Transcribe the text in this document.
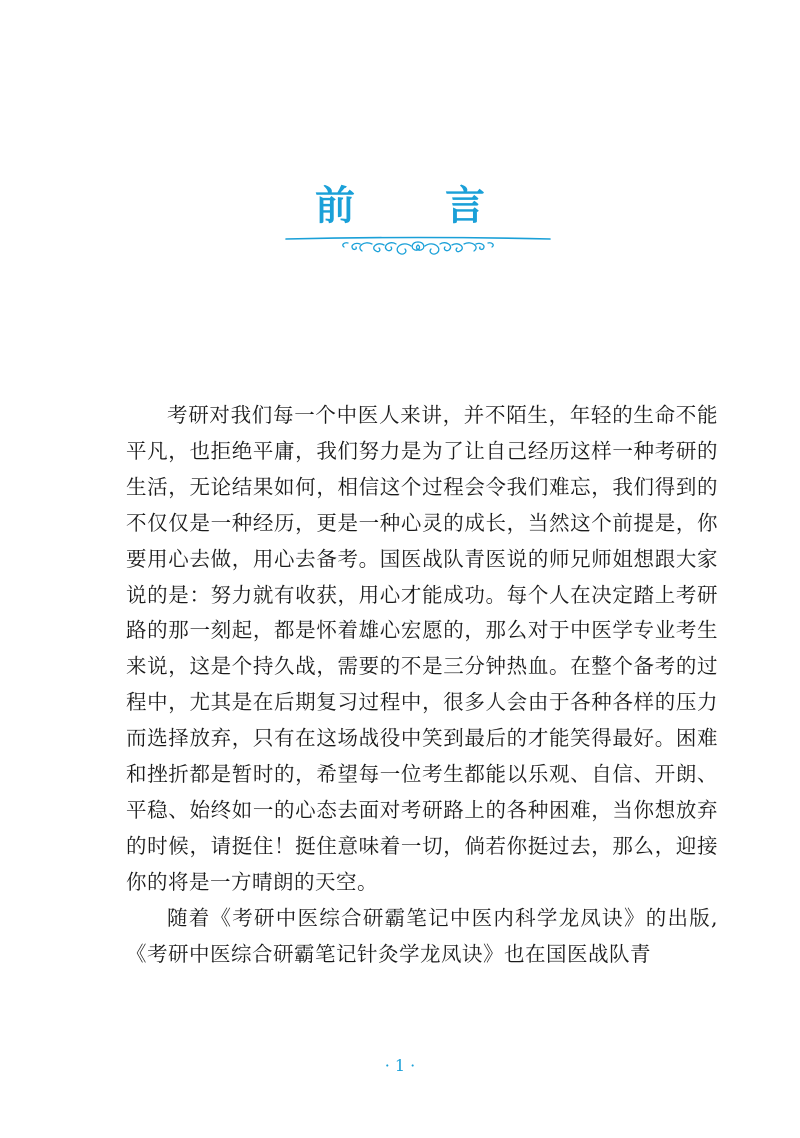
前 言

考研对我们每一个中医人来讲，并不陌生，年轻的生命不能平凡，也拒绝平庸，我们努力是为了让自己经历这样一种考研的生活，无论结果如何，相信这个过程会令我们难忘，我们得到的不仅仅是一种经历，更是一种心灵的成长，当然这个前提是，你要用心去做，用心去备考。国医战队青医说的师兄师姐想跟大家说的是：努力就有收获，用心才能成功。每个人在决定踏上考研路的那一刻起，都是怀着雄心宏愿的，那么对于中医学专业考生来说，这是个持久战，需要的不是三分钟热血。在整个备考的过程中，尤其是在后期复习过程中，很多人会由于各种各样的压力而选择放弃，只有在这场战役中笑到最后的才能笑得最好。困难和挫折都是暂时的，希望每一位考生都能以乐观、自信、开朗、平稳、始终如一的心态去面对考研路上的各种困难，当你想放弃的时候，请挺住！挺住意味着一切，倘若你挺过去，那么，迎接你的将是一方晴朗的天空。

随着《考研中医综合研霸笔记中医内科学龙凤诀》的出版,《考研中医综合研霸笔记针灸学龙凤诀》也在国医战队青

· 1 ·
